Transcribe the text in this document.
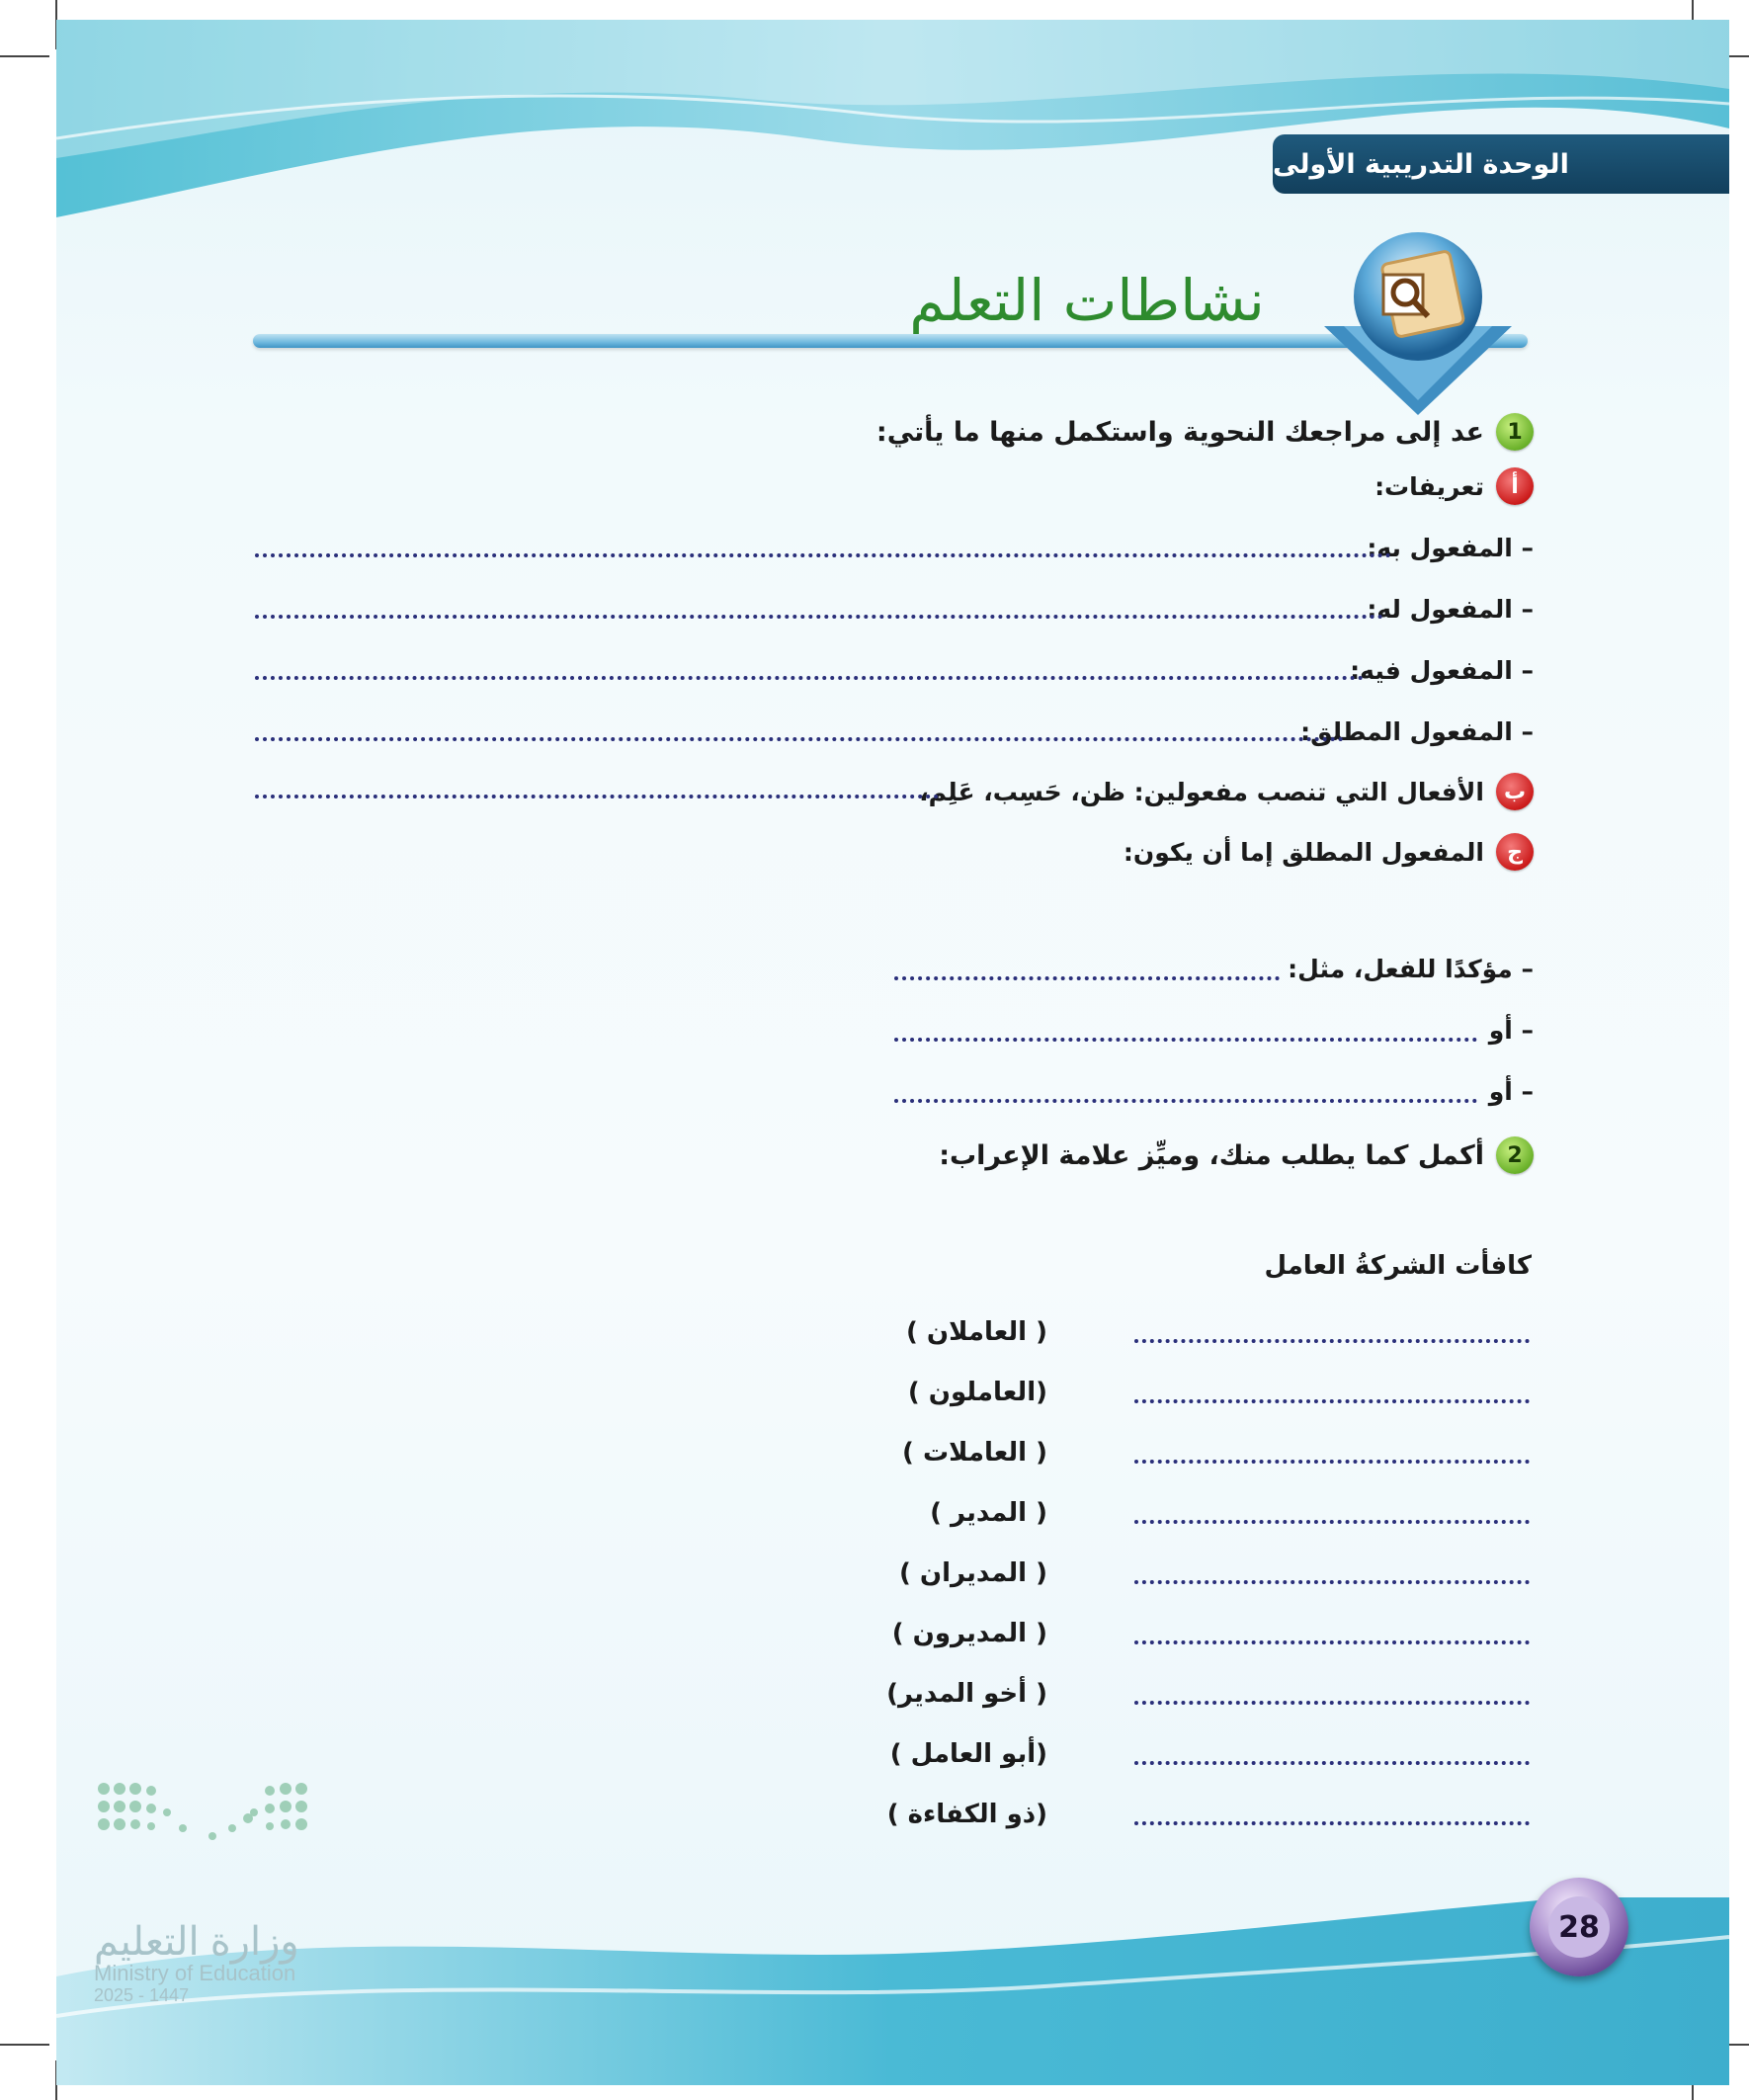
الوحدة التدريبية الأولى
نشاطات التعلم
1
عد إلى مراجعك النحوية واستكمل منها ما يأتي:
أ
تعريفات:
– المفعول به:
– المفعول له:
– المفعول فيه:
– المفعول المطلق:
ب
الأفعال التي تنصب مفعولين: ظن، حَسِب، عَلِم،
ج
المفعول المطلق إما أن يكون:
– مؤكدًا للفعل، مثل:
– أو
– أو
2
أكمل كما يطلب منك، وميِّز علامة الإعراب:
كافأت الشركةُ العامل
( العاملان )
(العاملون )
( العاملات )
( المدير )
( المديران )
( المديرون )
( أخو المدير)
(أبو العامل )
(ذو الكفاءة )
وزارة التعليم
Ministry of Education
2025 - 1447
28
